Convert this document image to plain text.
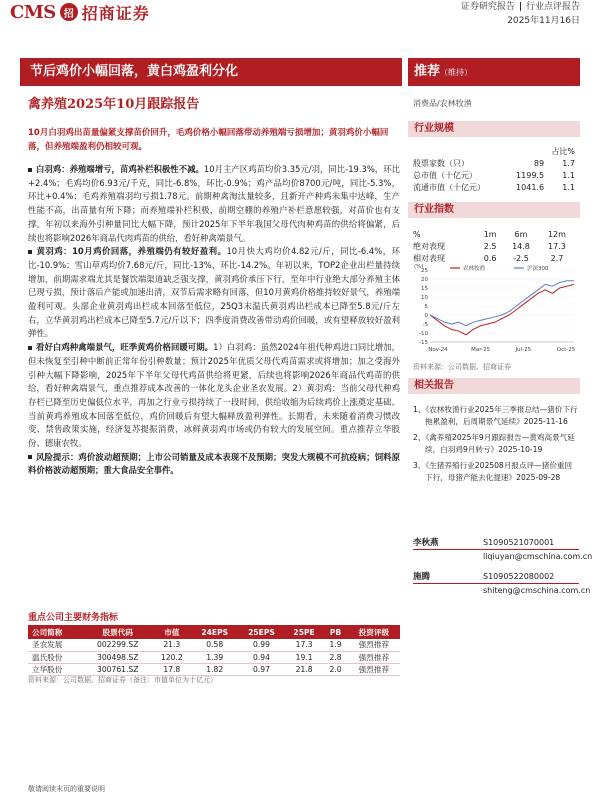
CMS 招 招商证券	证券研究报告 行业点评报告
2025年11月16日
节后鸡价小幅回落，黄白鸡盈利分化	推荐（维持）
禽养殖2025年10月跟踪报告	消费品/农林牧渔
10月白羽鸡出苗量偏紧支撑苗价回升，毛鸡价格小幅回落带动养殖端亏损增加；黄羽鸡价小幅回落，但养殖端盈利仍相较可观。

白羽鸡：养殖端增亏，苗鸡补栏积极性不减。10月主产区鸡苗均价3.35元/羽，同比-19.3%，环比+2.4%；毛鸡均价6.93元/千克，同比-6.8%，环比-0.9%；鸡产品均价8700元/吨，同比-5.3%，环比+0.4%；毛鸡养殖端羽均亏损1.78元。前期种禽淘汰量较多，且新开产种鸡未集中达峰，生产性能不高，出苗量有所下降；而养殖端补栏积极，前期空棚的养殖户补栏意愿较强，对苗价也有支撑。年初以来海外引种量同比大幅下降，预计2025年下半年我国父母代肉种鸡苗的供给将偏紧，后续也将影响2026年商品代肉鸡苗的供给，看好种禽端景气。

黄羽鸡：10月鸡价回落，养殖端仍有较好盈利。10月快大鸡均价4.82元/斤，同比-6.4%，环比-10.9%；雪山草鸡均价7.68元/斤，同比-13%，环比-14.2%。年初以来，TOP2企业出栏量持续增加，前期需求端尤其是餐饮端渠道缺乏强支撑，黄羽鸡价承压下行，至年中行业绝大部分养殖主体已现亏损，预计落后产能或加速出清，双节后需求略有回落，但10月黄鸡价格维持较好景气，养殖端盈利可观。头部企业黄羽鸡出栏成本回落至低位，25Q3末温氏黄羽鸡出栏成本已降至5.8元/斤左右，立华黄羽鸡出栏成本已降至5.7元/斤以下；四季度消费改善带动鸡价回暖，或有望释放较好盈利弹性。

看好白鸡种禽端景气，旺季黄鸡价格回暖可期。1）白羽鸡：虽然2024年祖代种鸡进口同比增加，但未恢复至引种中断前正常年份引种数量；预计2025年优质父母代鸡苗需求或将增加；加之受海外引种大幅下降影响，2025年下半年父母代鸡苗供给将更紧，后续也将影响2026年商品代鸡苗的供给，看好种禽端景气，重点推荐成本改善的一体化龙头企业圣农发展。2）黄羽鸡：当前父母代种鸡存栏已降至历史偏低位水平，再加之行业亏损持续了一段时间，供给收缩为后续鸡价上涨奠定基础。当前黄鸡养殖成本回落至低位，鸡价回暖后有望大幅释放盈利弹性。长期看，未来随着消费习惯改变、禁售政策实施，经济复苏提振消费，冰鲜黄羽鸡市场或仍有较大的发展空间。重点推荐立华股份、德康农牧。

风险提示：鸡价波动超预期；上市公司销量及成本表现不及预期；突发大规模不可抗疫病；饲料原料价格波动超预期；重大食品安全事件。

重点公司主要财务指标
公司简称	股票代码	市值	24EPS	25EPS	25PE	PB	投资评级
圣农发展	002299.SZ	21.3	0.58	0.99	17.3	1.9	强烈推荐
温氏股份	300498.SZ	120.2	1.39	0.94	19.1	2.8	强烈推荐
立华股份	300761.SZ	17.8	1.82	0.97	21.8	2.0	强烈推荐
资料来源：公司数据、招商证券（备注：市值单位为十亿元）
行业规模
		占比%
股票家数（只）	89	1.7
总市值（十亿元）	1199.5	1.1
流通市值（十亿元）	1041.6	1.1
行业指数
%	1m	6m	12m
绝对表现	2.5	14.8	17.3
相对表现	0.6	-2.5	2.7
25
20
15
10
5
0
-5
-10
-15
(%)
Nov-24	Mar-25	Jul-25	Oct-25
农林牧渔	沪深300
资料来源：公司数据、招商证券
相关报告
1、《农林牧渔行业2025年三季报总结—猪价下行拖累盈利，后周期景气延续》2025-11-16
2、《禽养殖2025年9月跟踪报告—黄鸡高景气延续，白羽鸡9月转亏》2025-10-19
3、《生猪养殖行业202508月报点评—猪价重回下行，母猪产能去化提速》2025-09-28
李秋燕	S1090521070001
liqiuyan@cmschina.com.cn
施腾	S1090522080002
shiteng@cmschina.com.cn
敬请阅读末页的重要说明
